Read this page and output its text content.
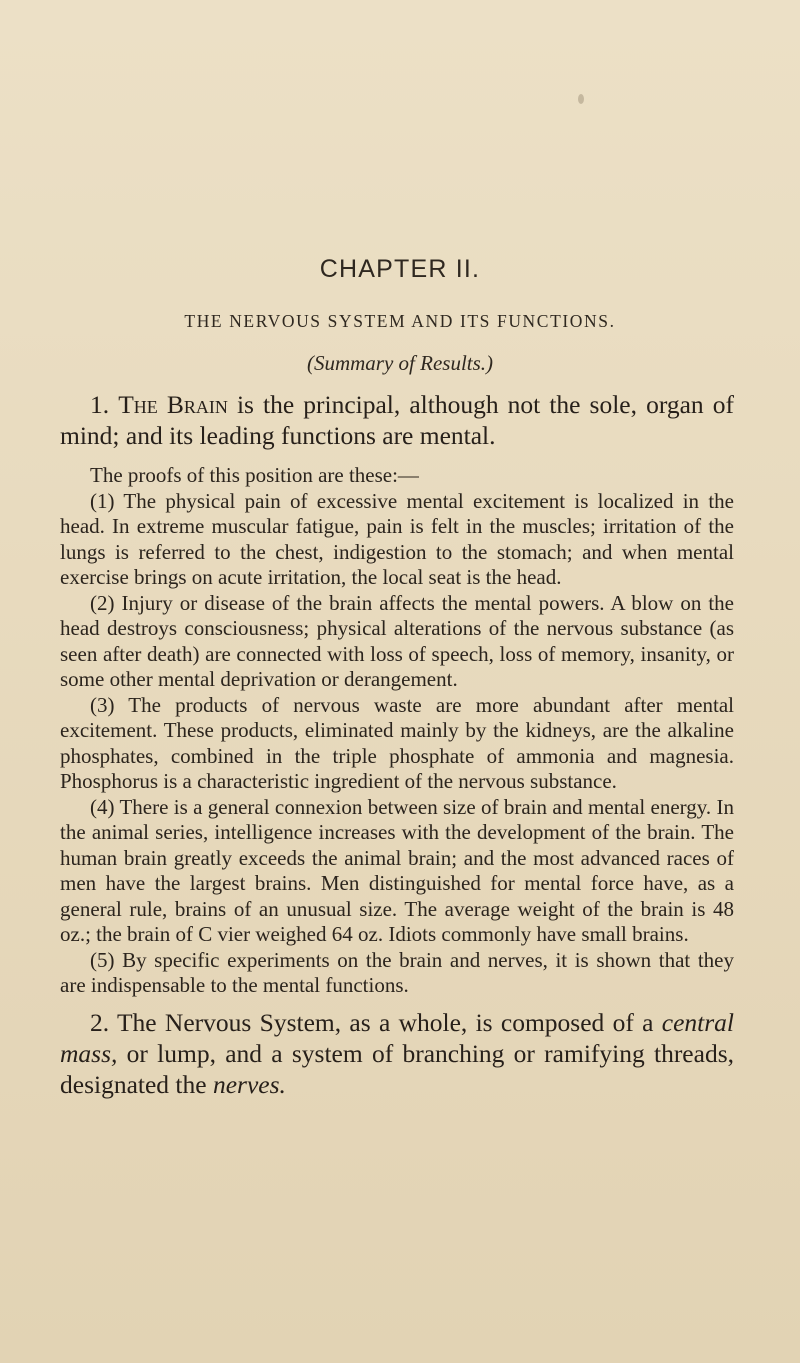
CHAPTER II.
THE NERVOUS SYSTEM AND ITS FUNCTIONS.

(Summary of Results.)

1. The Brain is the principal, although not the sole, organ of mind; and its leading functions are mental.

The proofs of this position are these:—

(1) The physical pain of excessive mental excitement is localized in the head. In extreme muscular fatigue, pain is felt in the muscles; irritation of the lungs is referred to the chest, indigestion to the stomach; and when mental exercise brings on acute irritation, the local seat is the head.

(2) Injury or disease of the brain affects the mental powers. A blow on the head destroys consciousness; physical alterations of the nervous substance (as seen after death) are connected with loss of speech, loss of memory, insanity, or some other mental deprivation or derangement.

(3) The products of nervous waste are more abundant after mental excitement. These products, eliminated mainly by the kidneys, are the alkaline phosphates, combined in the triple phosphate of ammonia and magnesia. Phosphorus is a characteristic ingredient of the nervous substance.

(4) There is a general connexion between size of brain and mental energy. In the animal series, intelligence increases with the development of the brain. The human brain greatly exceeds the animal brain; and the most advanced races of men have the largest brains. Men distinguished for mental force have, as a general rule, brains of an unusual size. The average weight of the brain is 48 oz.; the brain of C vier weighed 64 oz. Idiots commonly have small brains.

(5) By specific experiments on the brain and nerves, it is shown that they are indispensable to the mental functions.

2. The Nervous System, as a whole, is composed of a central mass, or lump, and a system of branching or ramifying threads, designated the nerves.
